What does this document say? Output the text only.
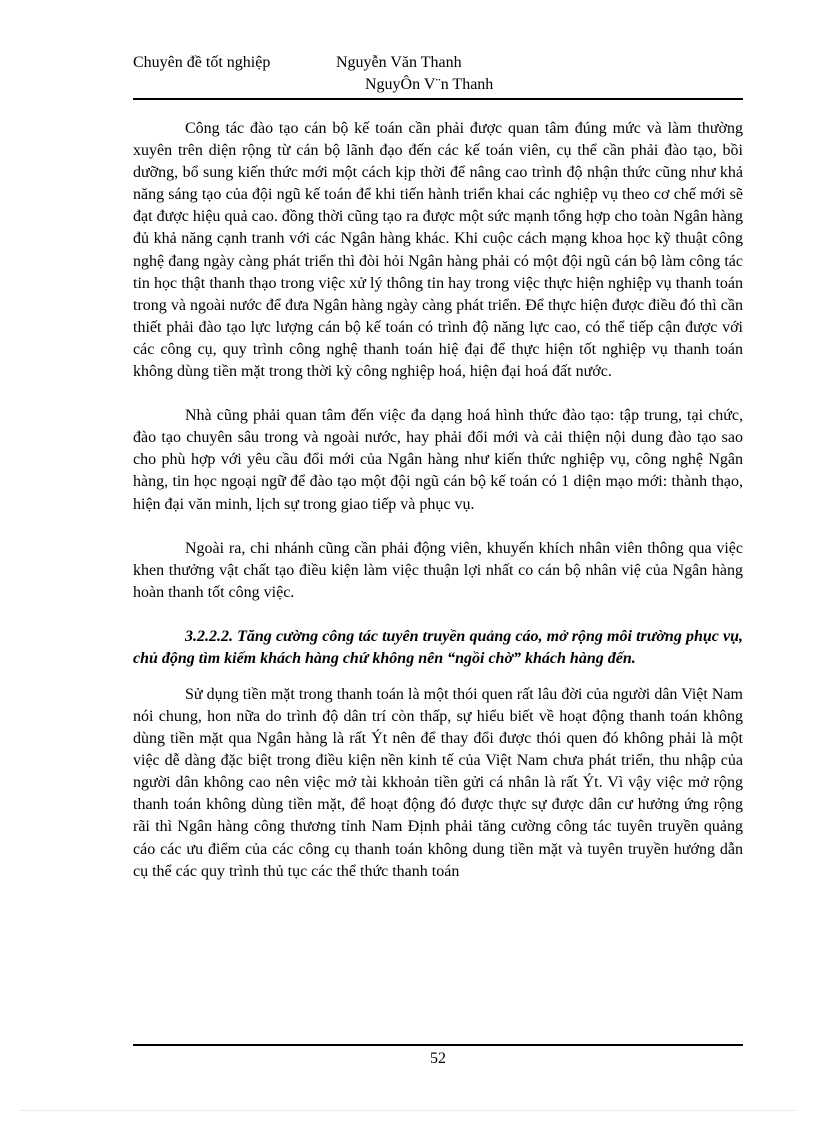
Chuyên đề tốt nghiệp	Nguyễn Văn Thanh
NguyÔn V¨n Thanh

Công tác đào tạo cán bộ kế toán cần phải được quan tâm đúng mức và làm thường xuyên trên diện rộng từ cán bộ lãnh đạo đến các kế toán viên, cụ thể cần phải đào tạo, bồi dưỡng, bổ sung kiến thức mới một cách kịp thời để nâng cao trình độ nhận thức cũng như khả năng sáng tạo của đội ngũ kế toán để khi tiến hành triển khai các nghiệp vụ theo cơ chế mới sẽ đạt được hiệu quả cao. đồng thời cũng tạo ra được một sức mạnh tổng hợp cho toàn Ngân hàng đủ khả năng cạnh tranh với các Ngân hàng khác. Khi cuộc cách mạng khoa học kỹ thuật công nghệ đang ngày càng phát triển thì đòi hỏi Ngân hàng phải có một đội ngũ cán bộ làm công tác tin học thật thanh thạo trong việc xử lý thông tin hay trong việc thực hiện nghiệp vụ thanh toán trong và ngoài nước để đưa Ngân hàng ngày càng phát triển. Để thực hiện được điều đó thì cần thiết phải đào tạo lực lượng cán bộ kế toán có trình độ năng lực cao, có thể tiếp cận được với các công cụ, quy trình công nghệ thanh toán hiệ đại để thực hiện tốt nghiệp vụ thanh toán không dùng tiền mặt trong thời kỳ công nghiệp hoá, hiện đại hoá đất nước.

Nhà cũng phải quan tâm đến việc đa dạng hoá hình thức đào tạo: tập trung, tại chức, đào tạo chuyên sâu trong và ngoài nước, hay phải đổi mới và cải thiện nội dung đào tạo sao cho phù hợp với yêu cầu đổi mới của Ngân hàng như kiến thức nghiệp vụ, công nghệ Ngân hàng, tin học ngoại ngữ để đào tạo một đội ngũ cán bộ kế toán có 1 diện mạo mới: thành thạo, hiện đại văn minh, lịch sự trong giao tiếp và phục vụ.

Ngoài ra, chi nhánh cũng cần phải động viên, khuyến khích nhân viên thông qua việc khen thưởng vật chất tạo điều kiện làm việc thuận lợi nhất co cán bộ nhân việ của Ngân hàng hoàn thanh tốt công việc.

3.2.2.2. Tăng cường công tác tuyên truyền quảng cáo, mở rộng môi trường phục vụ, chủ động tìm kiếm khách hàng chứ không nên “ngồi chờ” khách hàng đến.

Sử dụng tiền mặt trong thanh toán là một thói quen rất lâu đời của người dân Việt Nam nói chung, hon nữa do trình độ dân trí còn thấp, sự hiểu biết về hoạt động thanh toán không dùng tiền mặt qua Ngân hàng là rất Ýt nên để thay đổi được thói quen đó không phải là một việc dễ dàng đặc biệt trong điều kiện nền kinh tế của Việt Nam chưa phát triển, thu nhập của người dân không cao nên việc mở tài kkhoản tiền gửi cá nhân là rất Ýt. Vì vậy việc mở rộng thanh toán không dùng tiền mặt, để hoạt động đó được thực sự được dân cư hưởng ứng rộng rãi thì Ngân hàng công thương tỉnh Nam Định phải tăng cường công tác tuyên truyền quảng cáo các ưu điểm của các công cụ thanh toán không dung tiền mặt và tuyên truyền hướng dẫn cụ thể các quy trình thủ tục các thể thức thanh toán

52
